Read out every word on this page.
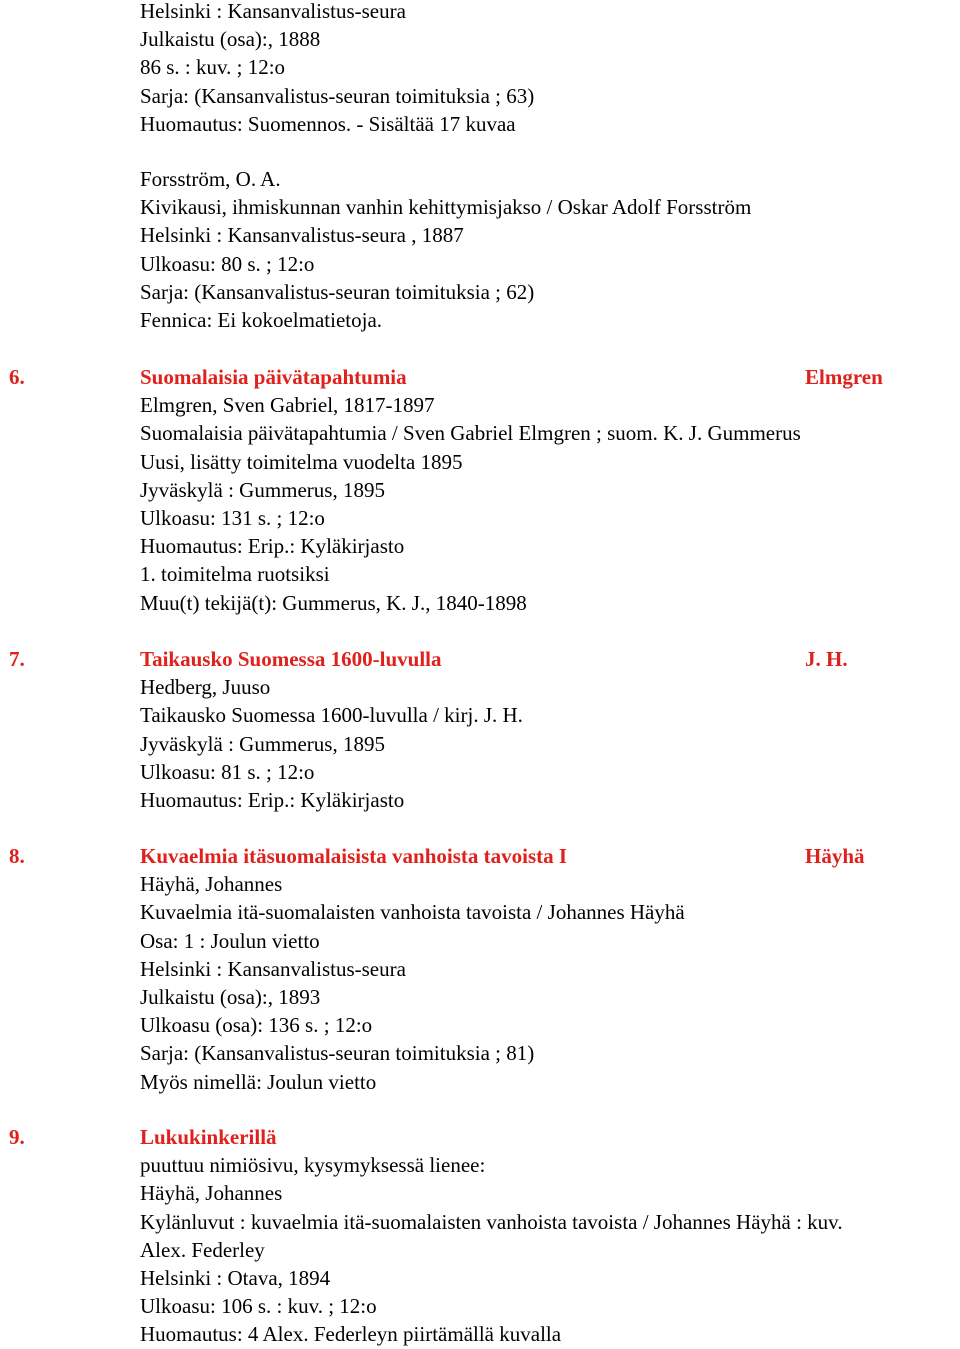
Helsinki : Kansanvalistus-seura
Julkaistu (osa):, 1888
86 s. : kuv. ; 12:o
Sarja: (Kansanvalistus-seuran toimituksia ; 63)
Huomautus: Suomennos. - Sisältää 17 kuvaa
Forsström, O. A.
Kivikausi, ihmiskunnan vanhin kehittymisjakso / Oskar Adolf Forsström
Helsinki : Kansanvalistus-seura , 1887
Ulkoasu: 80 s. ; 12:o
Sarja: (Kansanvalistus-seuran toimituksia ; 62)
Fennica: Ei kokoelmatietoja.
6.	Suomalaisia päivätapahtumia	Elmgren
Elmgren, Sven Gabriel, 1817-1897
Suomalaisia päivätapahtumia / Sven Gabriel Elmgren ; suom. K. J. Gummerus
Uusi, lisätty toimitelma vuodelta 1895
Jyväskylä : Gummerus, 1895
Ulkoasu: 131 s. ; 12:o
Huomautus: Erip.: Kyläkirjasto
1. toimitelma ruotsiksi
Muu(t) tekijä(t): Gummerus, K. J., 1840-1898
7.	Taikausko Suomessa 1600-luvulla	J. H.
Hedberg, Juuso
Taikausko Suomessa 1600-luvulla / kirj. J. H.
Jyväskylä : Gummerus, 1895
Ulkoasu: 81 s. ; 12:o
Huomautus: Erip.: Kyläkirjasto
8.	Kuvaelmia itäsuomalaisista vanhoista tavoista I	Häyhä
Häyhä, Johannes
Kuvaelmia itä-suomalaisten vanhoista tavoista / Johannes Häyhä
Osa: 1 : Joulun vietto
Helsinki : Kansanvalistus-seura
Julkaistu (osa):, 1893
Ulkoasu (osa): 136 s. ; 12:o
Sarja: (Kansanvalistus-seuran toimituksia ; 81)
Myös nimellä: Joulun vietto
9.	Lukukinkerillä
puuttuu nimiösivu, kysymyksessä lienee:
Häyhä, Johannes
Kylänluvut : kuvaelmia itä-suomalaisten vanhoista tavoista / Johannes Häyhä : kuv.
Alex. Federley
Helsinki : Otava, 1894
Ulkoasu: 106 s. : kuv. ; 12:o
Huomautus: 4 Alex. Federleyn piirtämällä kuvalla
